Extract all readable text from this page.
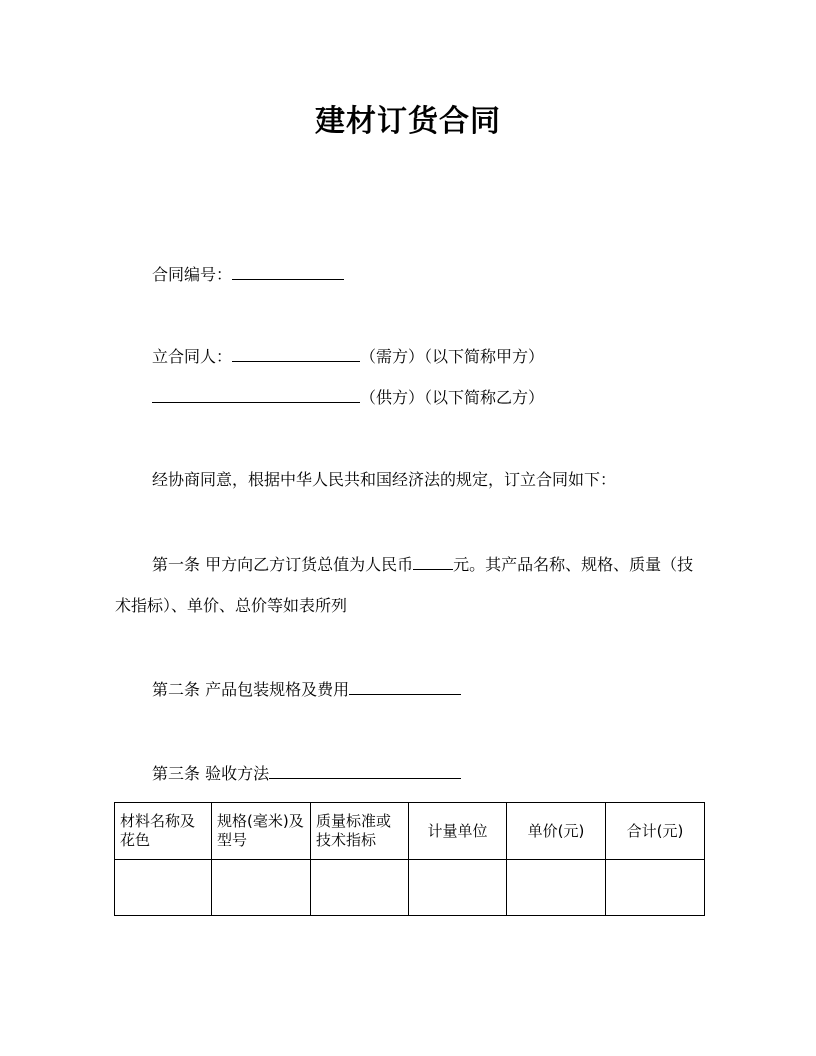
建材订货合同
合同编号：
立合同人：	（需方）（以下简称甲方）
（供方）（以下简称乙方）
经协商同意，根据中华人民共和国经济法的规定，订立合同如下：
第一条 甲方向乙方订货总值为人民币	元。其产品名称、规格、质量（技
术指标）、单价、总价等如表所列
第二条 产品包装规格及费用
第三条 验收方法
材料名称及花色	规格(毫米)及型号	质量标准或技术指标	计量单位	单价(元)	合计(元)
